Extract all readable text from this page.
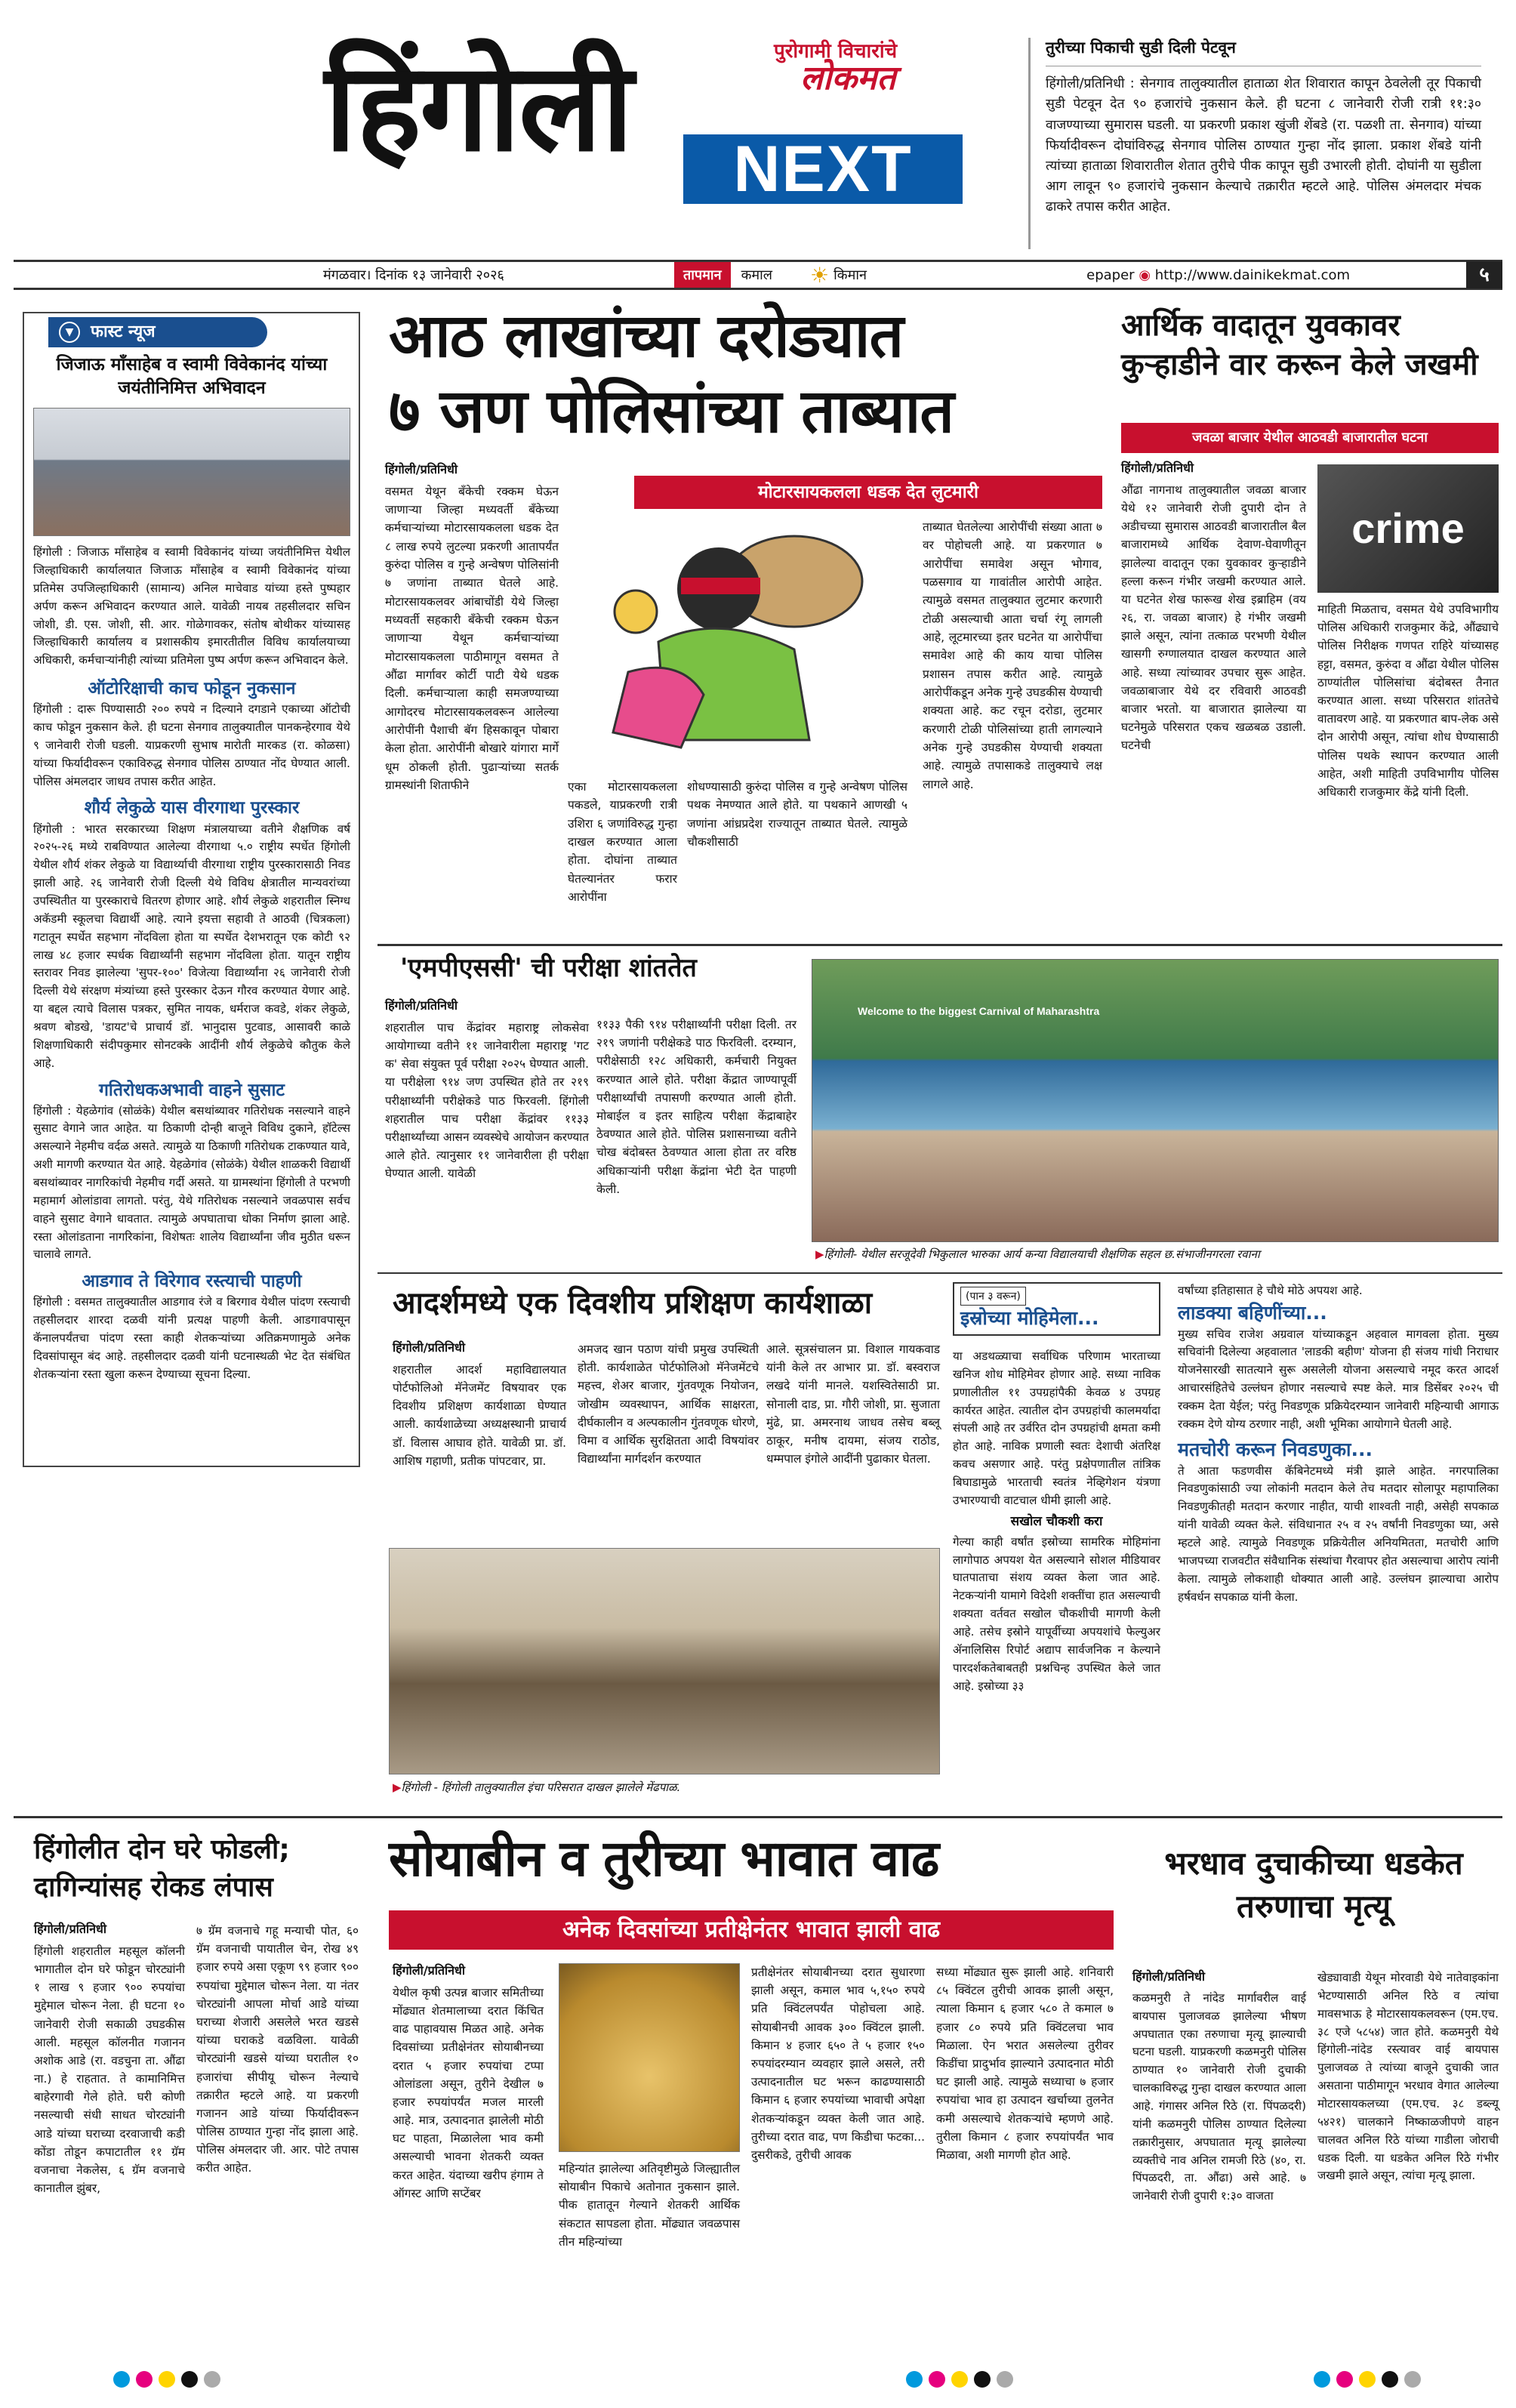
हिंगोली	पुरोगामी विचारांचे
लोकमत
NEXT
तुरीच्या पिकाची सुडी दिली पेटवून

हिंगोली/प्रतिनिधी : सेनगाव तालुक्यातील हाताळा शेत शिवारात कापून ठेवलेली तूर पिकाची सुडी पेटवून देत ९० हजारांचे नुकसान केले. ही घटना ८ जानेवारी रोजी रात्री ११:३० वाजण्याच्या सुमारास घडली. या प्रकरणी प्रकाश खुंजी शेंबडे (रा. पळशी ता. सेनगाव) यांच्या फिर्यादीवरून दोघांविरुद्ध सेनगाव पोलिस ठाण्यात गुन्हा नोंद झाला. प्रकाश शेंबडे यांनी त्यांच्या हाताळा शिवारातील शेतात तुरीचे पीक कापून सुडी उभारली होती. दोघांनी या सुडीला आग लावून ९० हजारांचे नुकसान केल्याचे तक्रारीत म्हटले आहे. पोलिस अंमलदार मंचक ढाकरे तपास करीत आहेत.

मंगळवार। दिनांक १३ जानेवारी २०२६	तापमान	कमाल	☀ किमान	epaper ◉ http://www.dainikekmat.com	५
▼	फास्ट न्यूज
जिजाऊ माँसाहेब व स्वामी विवेकानंद यांच्या जयंतीनिमित्त अभिवादन
हिंगोली : जिजाऊ माँसाहेब व स्वामी विवेकानंद यांच्या जयंतीनिमित्त येथील जिल्हाधिकारी कार्यालयात जिजाऊ माँसाहेब व स्वामी विवेकानंद यांच्या प्रतिमेस उपजिल्हाधिकारी (सामान्य) अनिल माचेवाड यांच्या हस्ते पुष्पहार अर्पण करून अभिवादन करण्यात आले. यावेळी नायब तहसीलदार सचिन जोशी, डी. एस. जोशी, सी. आर. गोळेगावकर, संतोष बोथीकर यांच्यासह जिल्हाधिकारी कार्यालय व प्रशासकीय इमारतीतील विविध कार्यालयाच्या अधिकारी, कर्मचाऱ्यांनीही त्यांच्या प्रतिमेला पुष्प अर्पण करून अभिवादन केले.
ऑटोरिक्षाची काच फोडून नुकसान
हिंगोली : दारू पिण्यासाठी २०० रुपये न दिल्याने दगडाने एकाच्या ऑटोची काच फोडून नुकसान केले. ही घटना सेनगाव तालुक्यातील पानकन्हेरगाव येथे ९ जानेवारी रोजी घडली. याप्रकरणी सुभाष मारोती मारकड (रा. कोळसा) यांच्या फिर्यादीवरून एकाविरुद्ध सेनगाव पोलिस ठाण्यात नोंद घेण्यात आली. पोलिस अंमलदार जाधव तपास करीत आहेत.
शौर्य लेकुळे यास वीरगाथा पुरस्कार
हिंगोली : भारत सरकारच्या शिक्षण मंत्रालयाच्या वतीने शैक्षणिक वर्ष २०२५-२६ मध्ये राबविण्यात आलेल्या वीरगाथा ५.० राष्ट्रीय स्पर्धेत हिंगोली येथील शौर्य शंकर लेकुळे या विद्यार्थ्याची वीरगाथा राष्ट्रीय पुरस्कारासाठी निवड झाली आहे. २६ जानेवारी रोजी दिल्ली येथे विविध क्षेत्रातील मान्यवरांच्या उपस्थितीत या पुरस्काराचे वितरण होणार आहे. शौर्य लेकुळे शहरातील स्निग्ध अकॅडमी स्कूलचा विद्यार्थी आहे. त्याने इयत्ता सहावी ते आठवी (चित्रकला) गटातून स्पर्धेत सहभाग नोंदविला होता या स्पर्धेत देशभरातून एक कोटी ९२ लाख ४८ हजार स्पर्धक विद्यार्थ्यांनी सहभाग नोंदविला होता. यातून राष्ट्रीय स्तरावर निवड झालेल्या 'सुपर-१००' विजेत्या विद्यार्थ्यांना २६ जानेवारी रोजी दिल्ली येथे संरक्षण मंत्र्यांच्या हस्ते पुरस्कार देऊन गौरव करण्यात येणार आहे. या बद्दल त्याचे विलास पत्रकर, सुमित नायक, धर्मराज कवडे, शंकर लेकुळे, श्रवण बोडखे, 'डायट'चे प्राचार्य डॉ. भानुदास पुटवाड, आसावरी काळे शिक्षणाधिकारी संदीपकुमार सोनटक्के आदींनी शौर्य लेकुळेचे कौतुक केले आहे.
गतिरोधकअभावी वाहने सुसाट
हिंगोली : येहळेगांव (सोळंके) येथील बसथांब्यावर गतिरोधक नसल्याने वाहने सुसाट वेगाने जात आहेत. या ठिकाणी दोन्ही बाजूने विविध दुकाने, हॉटेल्स असल्याने नेहमीच वर्दळ असते. त्यामुळे या ठिकाणी गतिरोधक टाकण्यात यावे, अशी मागणी करण्यात येत आहे. येहळेगांव (सोळंके) येथील शाळकरी विद्यार्थी बसथांब्यावर नागरिकांची नेहमीच गर्दी असते. या ग्रामस्थांना हिंगोली ते परभणी महामार्ग ओलांडावा लागतो. परंतु, येथे गतिरोधक नसल्याने जवळपास सर्वच वाहने सुसाट वेगाने धावतात. त्यामुळे अपघाताचा धोका निर्माण झाला आहे. रस्ता ओलांडताना नागरिकांना, विशेषतः शालेय विद्यार्थ्यांना जीव मुठीत धरून चालावे लागते.
आडगाव ते विरेगाव रस्त्याची पाहणी
हिंगोली : वसमत तालुक्यातील आडगाव रंजे व बिरगाव येथील पांदण रस्त्याची तहसीलदार शारदा दळवी यांनी प्रत्यक्ष पाहणी केली. आडगावपासून कॅनालपर्यंतचा पांदण रस्ता काही शेतकऱ्यांच्या अतिक्रमणामुळे अनेक दिवसांपासून बंद आहे. तहसीलदार दळवी यांनी घटनास्थळी भेट देत संबंधित शेतकऱ्यांना रस्ता खुला करून देण्याच्या सूचना दिल्या.
आठ लाखांच्या दरोड्यात
७ जण पोलिसांच्या ताब्यात
मोटारसायकलला धडक देत लुटमारी
हिंगोली/प्रतिनिधी
वसमत येथून बँकेची रक्कम घेऊन जाणाऱ्या जिल्हा मध्यवर्ती बँकेच्या कर्मचाऱ्यांच्या मोटारसायकलला धडक देत ८ लाख रुपये लुटल्या प्रकरणी आतापर्यंत कुरुंदा पोलिस व गुन्हे अन्वेषण पोलिसांनी ७ जणांना ताब्यात घेतले आहे. मोटारसायकलवर आंबाचोंडी येथे जिल्हा मध्यवर्ती सहकारी बँकेची रक्कम घेऊन जाणाऱ्या येथून कर्मचाऱ्यांच्या मोटारसायकलला पाठीमागून वसमत ते औंढा मार्गावर कोर्टी पाटी येथे धडक दिली. कर्मचाऱ्याला काही समजण्याच्या आगोदरच मोटारसायकलवरून आलेल्या आरोपींनी पैशाची बॅग हिसकावून पोबारा केला होता. आरोपींनी बोखारे यांगारा मार्गे धूम ठोकली होती. पुढाऱ्यांच्या सतर्क ग्रामस्थांनी शिताफीने	एका मोटारसायकलला पकडले, याप्रकरणी रात्री उशिरा ६ जणांविरुद्ध गुन्हा दाखल करण्यात आला होता. दोघांना ताब्यात घेतल्यानंतर फरार आरोपींना
शोधण्यासाठी कुरुंदा पोलिस व गुन्हे अन्वेषण पोलिस पथक नेमण्यात आले होते. या पथकाने आणखी ५ जणांना आंध्रप्रदेश राज्यातून ताब्यात घेतले. त्यामुळे चौकशीसाठी
ताब्यात घेतलेल्या आरोपींची संख्या आता ७ वर पोहोचली आहे. या प्रकरणात ७ आरोपींचा समावेश असून भोगाव, पळसगाव या गावांतील आरोपी आहेत. त्यामुळे वसमत तालुक्यात लुटमार करणारी टोळी असल्याची आता चर्चा रंगू लागली आहे, लूटमारच्या इतर घटनेत या आरोपींचा समावेश आहे की काय याचा पोलिस प्रशासन तपास करीत आहे. त्यामुळे आरोपींकडून अनेक गुन्हे उघडकीस येण्याची शक्यता आहे. कट रचून दरोडा, लुटमार करणारी टोळी पोलिसांच्या हाती लागल्याने अनेक गुन्हे उघडकीस येण्याची शक्यता आहे. त्यामुळे तपासाकडे तालुक्याचे लक्ष लागले आहे.
आर्थिक वादातून युवकावर कुऱ्हाडीने वार करून केले जखमी
जवळा बाजार येथील आठवडी बाजारातील घटना
हिंगोली/प्रतिनिधी
औंढा नागनाथ तालुक्यातील जवळा बाजार येथे १२ जानेवारी रोजी दुपारी दोन ते अडीचच्या सुमारास आठवडी बाजारातील बैल बाजारामध्ये आर्थिक देवाण-घेवाणीतून झालेल्या वादातून एका युवकावर कुऱ्हाडीने हल्ला करून गंभीर जखमी करण्यात आले. या घटनेत शेख फारूख शेख इब्राहिम (वय २६, रा. जवळा बाजार) हे गंभीर जखमी झाले असून, त्यांना तत्काळ परभणी येथील खासगी रुग्णालयात दाखल करण्यात आले आहे. सध्या त्यांच्यावर उपचार सुरू आहेत. जवळाबाजार येथे दर रविवारी आठवडी बाजार भरतो. या बाजारात झालेल्या या घटनेमुळे परिसरात एकच खळबळ उडाली. घटनेची
crime
माहिती मिळताच, वसमत येथे उपविभागीय पोलिस अधिकारी राजकुमार केंद्रे, औंढ्याचे पोलिस निरीक्षक गणपत राहिरे यांच्यासह हट्टा, वसमत, कुरुंदा व औंढा येथील पोलिस ठाण्यांतील पोलिसांचा बंदोबस्त तैनात करण्यात आला. सध्या परिसरात शांततेचे वातावरण आहे. या प्रकरणात बाप-लेक असे दोन आरोपी असून, त्यांचा शोध घेण्यासाठी पोलिस पथके स्थापन करण्यात आली आहेत, अशी माहिती उपविभागीय पोलिस अधिकारी राजकुमार केंद्रे यांनी दिली.
'एमपीएससी' ची परीक्षा शांततेत
हिंगोली/प्रतिनिधी
शहरातील पाच केंद्रांवर महाराष्ट्र लोकसेवा आयोगाच्या वतीने ११ जानेवारीला महाराष्ट्र 'गट क' सेवा संयुक्त पूर्व परीक्षा २०२५ घेण्यात आली. या परीक्षेला ९१४ जण उपस्थित होते तर २१९ परीक्षार्थ्यांनी परीक्षेकडे पाठ फिरवली. हिंगोली शहरातील पाच परीक्षा केंद्रांवर ११३३ परीक्षार्थ्यांच्या आसन व्यवस्थेचे आयोजन करण्यात आले होते. त्यानुसार ११ जानेवारीला ही परीक्षा घेण्यात आली. यावेळी
११३३ पैकी ९१४ परीक्षार्थ्यांनी परीक्षा दिली. तर २१९ जणांनी परीक्षेकडे पाठ फिरविली. दरम्यान, परीक्षेसाठी १२८ अधिकारी, कर्मचारी नियुक्त करण्यात आले होते. परीक्षा केंद्रात जाण्यापूर्वी परीक्षार्थ्यांची तपासणी करण्यात आली होती. मोबाईल व इतर साहित्य परीक्षा केंद्राबाहेर ठेवण्यात आले होते. पोलिस प्रशासनाच्या वतीने चोख बंदोबस्त ठेवण्यात आला होता तर वरिष्ठ अधिकाऱ्यांनी परीक्षा केंद्रांना भेटी देत पाहणी केली.
Welcome to the biggest Carnival of Maharashtra
▶हिंगोली- येथील सरजूदेवी भिकुलाल भारुका आर्य कन्या विद्यालयाची शैक्षणिक सहल छ.संभाजीनगरला रवाना
आदर्शमध्ये एक दिवशीय प्रशिक्षण कार्यशाळा
हिंगोली/प्रतिनिधी
शहरातील आदर्श महाविद्यालयात पोर्टफोलिओ मॅनेजमेंट विषयावर एक दिवशीय प्रशिक्षण कार्यशाळा घेण्यात आली. कार्यशाळेच्या अध्यक्षस्थानी प्राचार्य डॉ. विलास आघाव होते. यावेळी प्रा. डॉ. आशिष गहाणी, प्रतीक पांपटवार, प्रा.
अमजद खान पठाण यांची प्रमुख उपस्थिती होती. कार्यशाळेत पोर्टफोलिओ मॅनेजमेंटचे महत्त्व, शेअर बाजार, गुंतवणूक नियोजन, जोखीम व्यवस्थापन, आर्थिक साक्षरता, दीर्घकालीन व अल्पकालीन गुंतवणूक धोरणे, विमा व आर्थिक सुरक्षितता आदी विषयांवर विद्यार्थ्यांना मार्गदर्शन करण्यात
आले. सूत्रसंचालन प्रा. विशाल गायकवाड यांनी केले तर आभार प्रा. डॉ. बस्वराज लखदे यांनी मानले. यशस्वितेसाठी प्रा. सोनाली दाड, प्रा. गौरी जोशी, प्रा. सुजाता मुंढे, प्रा. अमरनाथ जाधव तसेच बब्लू ठाकूर, मनीष दायमा, संजय राठोड, धम्मपाल इंगोले आदींनी पुढाकार घेतला.
▶हिंगोली - हिंगोली तालुक्यातील इंचा परिसरात दाखल झालेले मेंढपाळ.
(पान ३ वरून)
इस्रोच्या मोहिमेला...
या अडथळ्याचा सर्वाधिक परिणाम भारताच्या खनिज शोध मोहिमेवर होणार आहे. सध्या नाविक प्रणालीतील ११ उपग्रहांपैकी केवळ ४ उपग्रह कार्यरत आहेत. त्यातील दोन उपग्रहांची कालमर्यादा संपली आहे तर उर्वरित दोन उपग्रहांची क्षमता कमी होत आहे. नाविक प्रणाली स्वतः देशाची अंतरिक्ष कवच असणार आहे. परंतु प्रक्षेपणातील तांत्रिक बिघाडामुळे भारताची स्वतंत्र नेव्हिगेशन यंत्रणा उभारण्याची वाटचाल धीमी झाली आहे.
सखोल चौकशी करा
गेल्या काही वर्षांत इस्रोच्या सामरिक मोहिमांना लागोपाठ अपयश येत असल्याने सोशल मीडियावर घातपाताचा संशय व्यक्त केला जात आहे. नेटकऱ्यांनी यामागे विदेशी शक्तींचा हात असल्याची शक्यता वर्तवत सखोल चौकशीची मागणी केली आहे. तसेच इस्रोने यापूर्वीच्या अपयशांचे फेल्युअर ॲनालिसिस रिपोर्ट अद्याप सार्वजनिक न केल्याने पारदर्शकतेबाबतही प्रश्नचिन्ह उपस्थित केले जात आहे. इस्रोच्या ३३
वर्षांच्या इतिहासात हे चौथे मोठे अपयश आहे.
लाडक्या बहिणींच्या...
मुख्य सचिव राजेश अग्रवाल यांच्याकडून अहवाल मागवला होता. मुख्य सचिवांनी दिलेल्या अहवालात 'लाडकी बहीण' योजना ही संजय गांधी निराधार योजनेसारखी सातत्याने सुरू असलेली योजना असल्याचे नमूद करत आदर्श आचारसंहितेचे उल्लंघन होणार नसल्याचे स्पष्ट केले. मात्र डिसेंबर २०२५ ची रक्कम देता येईल; परंतु निवडणूक प्रक्रियेदरम्यान जानेवारी महिन्याची आगाऊ रक्कम देणे योग्य ठरणार नाही, अशी भूमिका आयोगाने घेतली आहे.
मतचोरी करून निवडणुका...
ते आता फडणवीस कॅबिनेटमध्ये मंत्री झाले आहेत. नगरपालिका निवडणुकांसाठी ज्या लोकांनी मतदान केले तेच मतदार सोलापूर महापालिका निवडणुकीतही मतदान करणार नाहीत, याची शाश्वती नाही, असेही सपकाळ यांनी यावेळी व्यक्त केले. संविधानात २५ व २५ वर्षांनी निवडणुका घ्या, असे म्हटले आहे. त्यामुळे निवडणूक प्रक्रियेतील अनियमितता, मतचोरी आणि भाजपच्या राजवटीत संवैधानिक संस्थांचा गैरवापर होत असल्याचा आरोप त्यांनी केला. त्यामुळे लोकशाही धोक्यात आली आहे. उल्लंघन झाल्याचा आरोप हर्षवर्धन सपकाळ यांनी केला.
हिंगोलीत दोन घरे फोडली; दागिन्यांसह रोकड लंपास
हिंगोली/प्रतिनिधी
हिंगोली शहरातील महसूल कॉलनी भागातील दोन घरे फोडून चोरट्यांनी १ लाख ९ हजार ९०० रुपयांचा मुद्देमाल चोरून नेला. ही घटना १० जानेवारी रोजी सकाळी उघडकीस आली. महसूल कॉलनीत गजानन अशोक आडे (रा. वडचुना ता. औंढा ना.) हे राहतात. ते कामानिमित्त बाहेरगावी गेले होते. घरी कोणी नसल्याची संधी साधत चोरट्यांनी आडे यांच्या घराच्या दरवाजाची कडी कोंडा तोडून कपाटातील ११ ग्रॅम वजनाचा नेकलेस, ६ ग्रॅम वजनाचे कानातील झुंबर,
७ ग्रॅम वजनाचे गहू मन्याची पोत, ६० ग्रॅम वजनाची पायातील चेन, रोख ४९ हजार रुपये असा एकूण ९९ हजार ९०० रुपयांचा मुद्देमाल चोरून नेला. या नंतर चोरट्यांनी आपला मोर्चा आडे यांच्या घराच्या शेजारी असलेले भरत खडसे यांच्या घराकडे वळविला. यावेळी चोरट्यांनी खडसे यांच्या घरातील १० हजारांचा सीपीयू चोरून नेल्याचे तक्रारीत म्हटले आहे. या प्रकरणी गजानन आडे यांच्या फिर्यादीवरून पोलिस ठाण्यात गुन्हा नोंद झाला आहे. पोलिस अंमलदार जी. आर. पोटे तपास करीत आहेत.
सोयाबीन व तुरीच्या भावात वाढ
अनेक दिवसांच्या प्रतीक्षेनंतर भावात झाली वाढ
हिंगोली/प्रतिनिधी
येथील कृषी उत्पन्न बाजार समितीच्या मोंढ्यात शेतमालाच्या दरात किंचित वाढ पाहावयास मिळत आहे. अनेक दिवसांच्या प्रतीक्षेनंतर सोयाबीनच्या दरात ५ हजार रुपयांचा टप्पा ओलांडला असून, तुरीने देखील ७ हजार रुपयांपर्यंत मजल मारली आहे. मात्र, उत्पादनात झालेली मोठी घट पाहता, मिळालेला भाव कमी असल्याची भावना शेतकरी व्यक्त करत आहेत. यंदाच्या खरीप हंगाम ते ऑगस्ट आणि सप्टेंबर
महिन्यांत झालेल्या अतिवृष्टीमुळे जिल्ह्यातील सोयाबीन पिकाचे अतोनात नुकसान झाले. पीक हातातून गेल्याने शेतकरी आर्थिक संकटात सापडला होता. मोंढ्यात जवळपास तीन महिन्यांच्या
प्रतीक्षेनंतर सोयाबीनच्या दरात सुधारणा झाली असून, कमाल भाव ५,१५० रुपये प्रति क्विंटलपर्यंत पोहोचला आहे. सोयाबीनची आवक ३०० क्विंटल झाली. किमान ४ हजार ६५० ते ५ हजार १५० रुपयांदरम्यान व्यवहार झाले असले, तरी उत्पादनातील घट भरून काढण्यासाठी किमान ६ हजार रुपयांच्या भावाची अपेक्षा शेतकऱ्यांकडून व्यक्त केली जात आहे. तुरीच्या दरात वाढ, पण किडीचा फटका... दुसरीकडे, तुरीची आवक
सध्या मोंढ्यात सुरू झाली आहे. शनिवारी ८५ क्विंटल तुरीची आवक झाली असून, त्याला किमान ६ हजार ५८० ते कमाल ७ हजार ८० रुपये प्रति क्विंटलचा भाव मिळाला. ऐन भरात असलेल्या तुरीवर किडींचा प्रादुर्भाव झाल्याने उत्पादनात मोठी घट झाली आहे. त्यामुळे सध्याचा ७ हजार रुपयांचा भाव हा उत्पादन खर्चाच्या तुलनेत कमी असल्याचे शेतकऱ्यांचे म्हणणे आहे. तुरीला किमान ८ हजार रुपयांपर्यंत भाव मिळावा, अशी मागणी होत आहे.
भरधाव दुचाकीच्या धडकेत तरुणाचा मृत्यू
हिंगोली/प्रतिनिधी
कळमनुरी ते नांदेड मार्गावरील वाई बायपास पुलाजवळ झालेल्या भीषण अपघातात एका तरुणाचा मृत्यू झाल्याची घटना घडली. याप्रकरणी कळमनुरी पोलिस ठाण्यात १० जानेवारी रोजी दुचाकी चालकाविरुद्ध गुन्हा दाखल करण्यात आला आहे. गंगासर अनिल रिठे (रा. पिंपळदरी) यांनी कळमनुरी पोलिस ठाण्यात दिलेल्या तक्रारीनुसार, अपघातात मृत्यू झालेल्या व्यक्तीचे नाव अनिल रामजी रिठे (४०, रा. पिंपळदरी, ता. औंढा) असे आहे. ७ जानेवारी रोजी दुपारी १:३० वाजता
खेड्यावाडी येथून मोरवाडी येथे नातेवाइकांना भेटण्यासाठी अनिल रिठे व त्यांचा मावसभाऊ हे मोटारसायकलवरून (एम.एच. ३८ एजे ५८५४) जात होते. कळमनुरी येथे हिंगोली-नांदेड रस्त्यावर वाई बायपास पुलाजवळ ते त्यांच्या बाजूने दुचाकी जात असताना पाठीमागून भरधाव वेगात आलेल्या मोटारसायकलच्या (एम.एच. ३८ डब्ल्यू ५४२१) चालकाने निष्काळजीपणे वाहन चालवत अनिल रिठे यांच्या गाडीला जोराची धडक दिली. या धडकेत अनिल रिठे गंभीर जखमी झाले असून, त्यांचा मृत्यू झाला.
